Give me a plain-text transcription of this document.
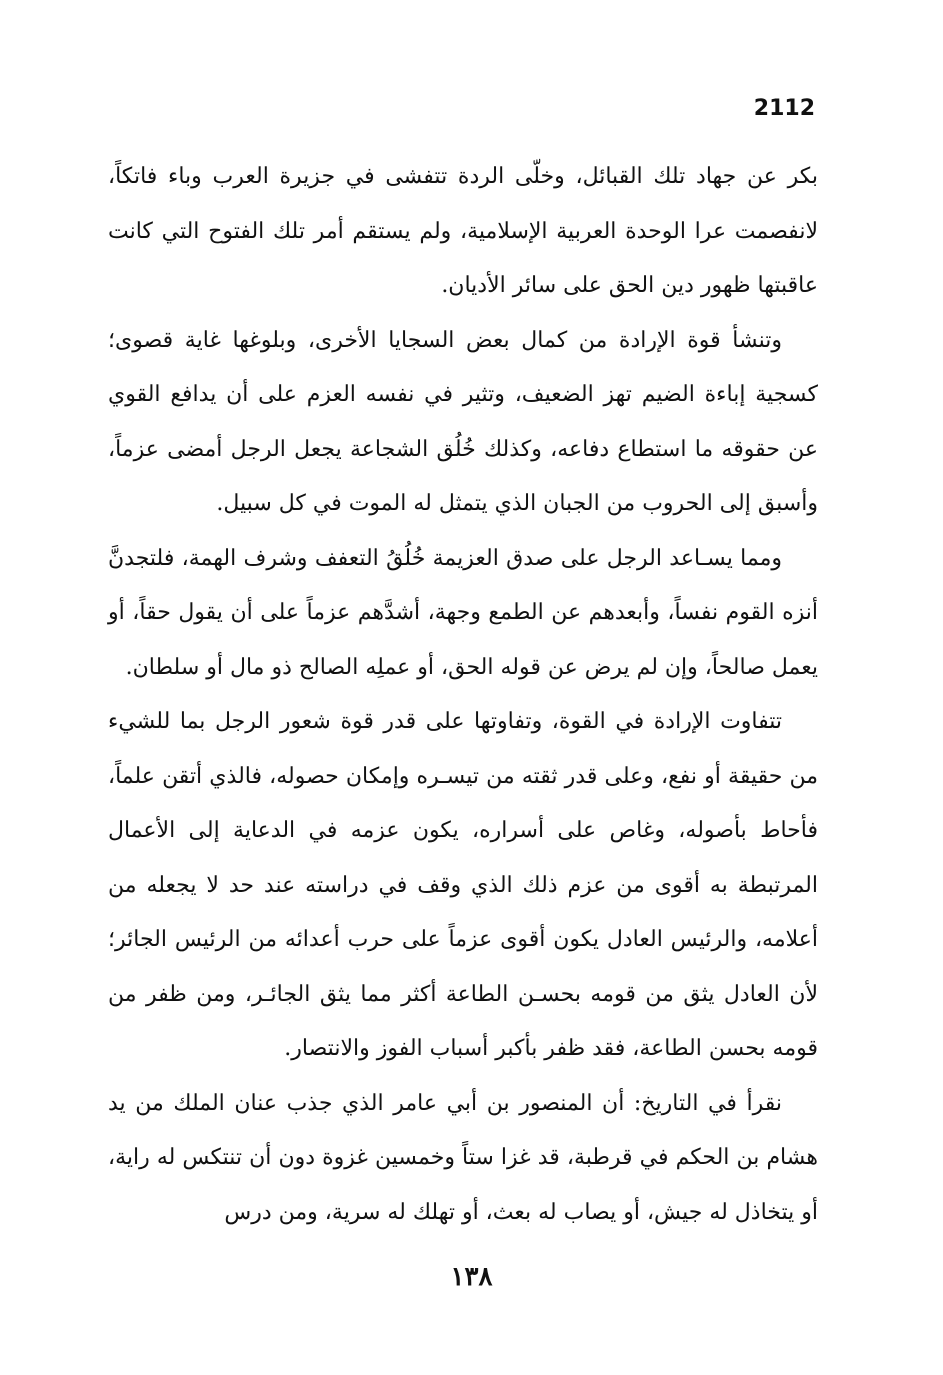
2112

بكر عن جهاد تلك القبائل، وخلّى الردة تتفشى في جزيرة العرب وباء فاتكاً، لانفصمت عرا الوحدة العربية الإسلامية، ولم يستقم أمر تلك الفتوح التي كانت عاقبتها ظهور دين الحق على سائر الأديان.

وتنشأ قوة الإرادة من كمال بعض السجايا الأخرى، وبلوغها غاية قصوى؛ كسجية إباءة الضيم تهز الضعيف، وتثير في نفسه العزم على أن يدافع القوي عن حقوقه ما استطاع دفاعه، وكذلك خُلُق الشجاعة يجعل الرجل أمضى عزماً، وأسبق إلى الحروب من الجبان الذي يتمثل له الموت في كل سبيل.

ومما يسـاعد الرجل على صدق العزيمة خُلُقُ التعفف وشرف الهمة، فلتجدنَّ أنزه القوم نفساً، وأبعدهم عن الطمع وجهة، أشدَّهم عزماً على أن يقول حقاً، أو يعمل صالحاً، وإن لم يرض عن قوله الحق، أو عملِه الصالح ذو مال أو سلطان.

تتفاوت الإرادة في القوة، وتفاوتها على قدر قوة شعور الرجل بما للشيء من حقيقة أو نفع، وعلى قدر ثقته من تيسـره وإمكان حصوله، فالذي أتقن علماً، فأحاط بأصوله، وغاص على أسراره، يكون عزمه في الدعاية إلى الأعمال المرتبطة به أقوى من عزم ذلك الذي وقف في دراسته عند حد لا يجعله من أعلامه، والرئيس العادل يكون أقوى عزماً على حرب أعدائه من الرئيس الجائر؛ لأن العادل يثق من قومه بحسـن الطاعة أكثر مما يثق الجائـر، ومن ظفر من قومه بحسن الطاعة، فقد ظفر بأكبر أسباب الفوز والانتصار.

نقرأ في التاريخ: أن المنصور بن أبي عامر الذي جذب عنان الملك من يد هشام بن الحكم في قرطبة، قد غزا ستاً وخمسين غزوة دون أن تنتكس له راية، أو يتخاذل له جيش، أو يصاب له بعث، أو تهلك له سرية، ومن درس

١٣٨
